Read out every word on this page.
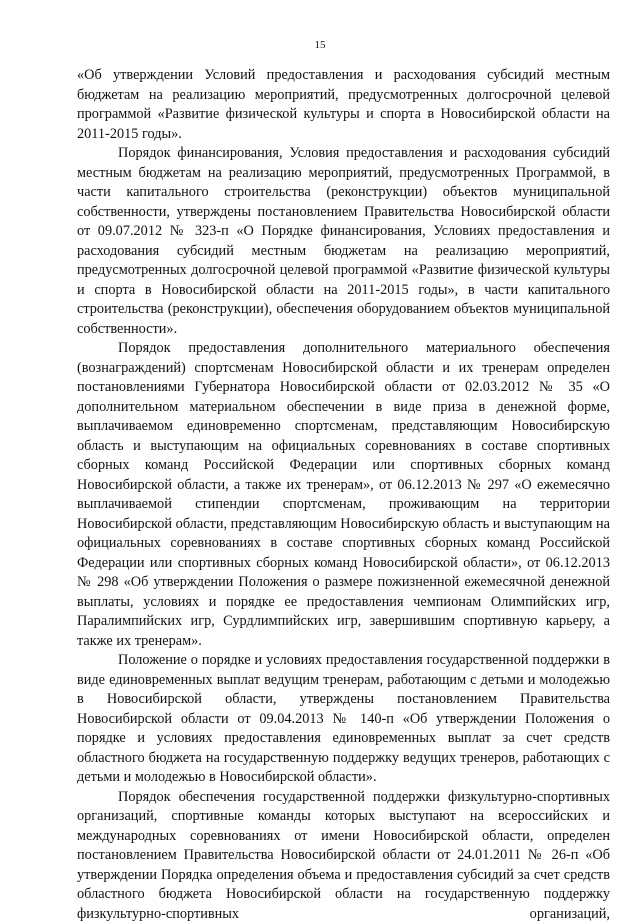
15

«Об утверждении Условий предоставления и расходования субсидий местным бюджетам на реализацию мероприятий, предусмотренных долгосрочной целевой программой «Развитие физической культуры и спорта в Новосибирской области на 2011-2015 годы».

Порядок финансирования, Условия предоставления и расходования субсидий местным бюджетам на реализацию мероприятий, предусмотренных Программой, в части капитального строительства (реконструкции) объектов муниципальной собственности, утверждены постановлением Правительства Новосибирской области от 09.07.2012 № 323-п «О Порядке финансирования, Условиях предоставления и расходования субсидий местным бюджетам на реализацию мероприятий, предусмотренных долгосрочной целевой программой «Развитие физической культуры и спорта в Новосибирской области на 2011-2015 годы», в части капитального строительства (реконструкции), обеспечения оборудованием объектов муниципальной собственности».

Порядок предоставления дополнительного материального обеспечения (вознаграждений) спортсменам Новосибирской области и их тренерам определен постановлениями Губернатора Новосибирской области от 02.03.2012 № 35 «О дополнительном материальном обеспечении в виде приза в денежной форме, выплачиваемом единовременно спортсменам, представляющим Новосибирскую область и выступающим на официальных соревнованиях в составе спортивных сборных команд Российской Федерации или спортивных сборных команд Новосибирской области, а также их тренерам», от 06.12.2013 № 297 «О ежемесячно выплачиваемой стипендии спортсменам, проживающим на территории Новосибирской области, представляющим Новосибирскую область и выступающим на официальных соревнованиях в составе спортивных сборных команд Российской Федерации или спортивных сборных команд Новосибирской области», от 06.12.2013 № 298 «Об утверждении Положения о размере пожизненной ежемесячной денежной выплаты, условиях и порядке ее предоставления чемпионам Олимпийских игр, Паралимпийских игр, Сурдлимпийских игр, завершившим спортивную карьеру, а также их тренерам».

Положение о порядке и условиях предоставления государственной поддержки в виде единовременных выплат ведущим тренерам, работающим с детьми и молодежью в Новосибирской области, утверждены постановлением Правительства Новосибирской области от 09.04.2013 № 140-п «Об утверждении Положения о порядке и условиях предоставления единовременных выплат за счет средств областного бюджета на государственную поддержку ведущих тренеров, работающих с детьми и молодежью в Новосибирской области».

Порядок обеспечения государственной поддержки физкультурно-спортивных организаций, спортивные команды которых выступают на всероссийских и международных соревнованиях от имени Новосибирской области, определен постановлением Правительства Новосибирской области от 24.01.2011 № 26-п «Об утверждении Порядка определения объема и предоставления субсидий за счет средств областного бюджета Новосибирской области на государственную поддержку физкультурно-спортивных организаций,
